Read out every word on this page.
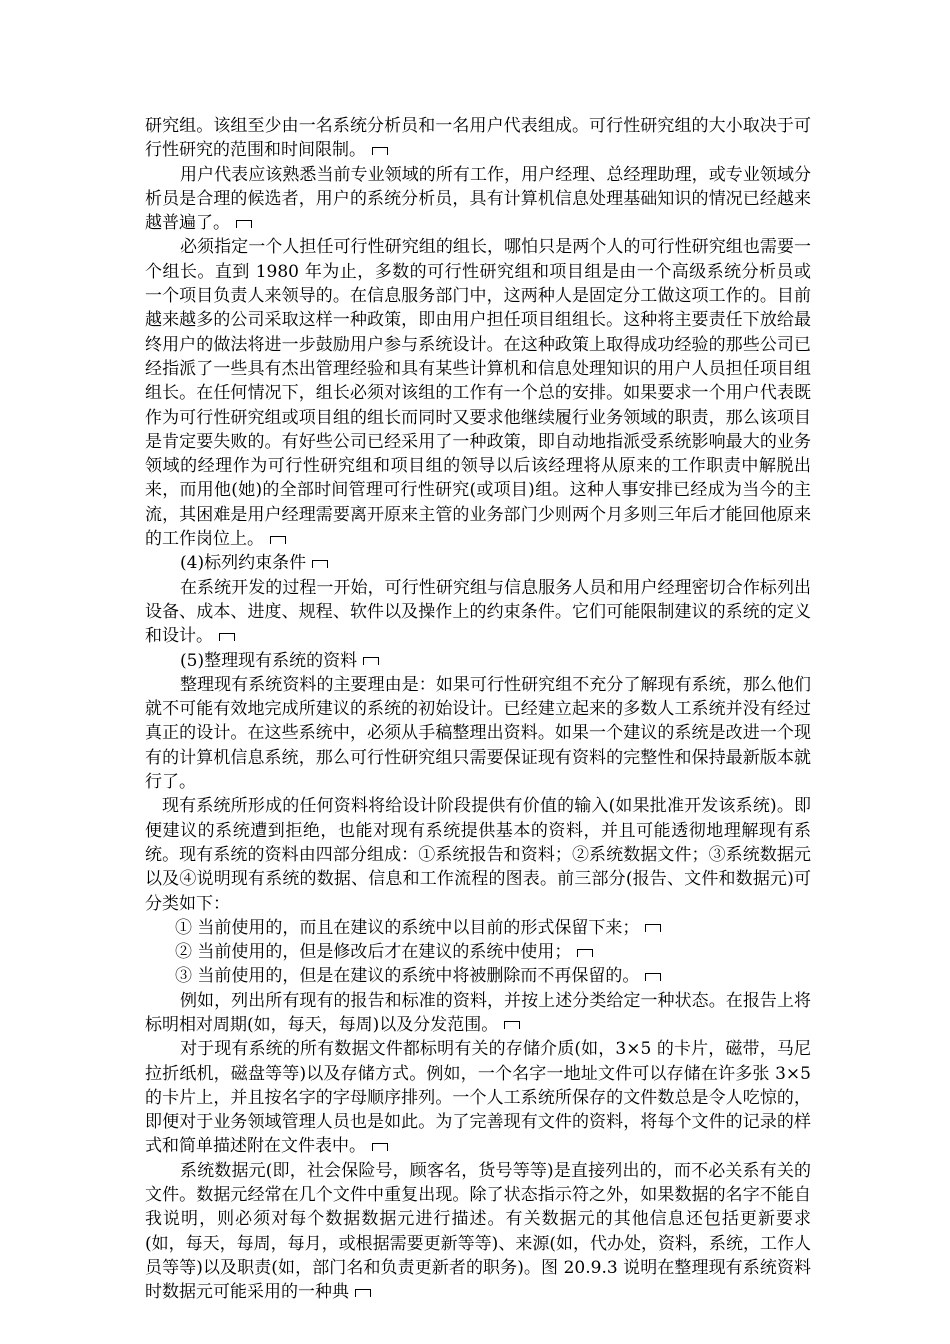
研究组。该组至少由一名系统分析员和一名用户代表组成。可行性研究组的大小取决于可行性研究的范围和时间限制。

用户代表应该熟悉当前专业领域的所有工作，用户经理、总经理助理，或专业领域分析员是合理的候选者，用户的系统分析员，具有计算机信息处理基础知识的情况已经越来越普遍了。

必须指定一个人担任可行性研究组的组长，哪怕只是两个人的可行性研究组也需要一个组长。直到 1980 年为止，多数的可行性研究组和项目组是由一个高级系统分析员或一个项目负责人来领导的。在信息服务部门中，这两种人是固定分工做这项工作的。目前越来越多的公司采取这样一种政策，即由用户担任项目组组长。这种将主要责任下放给最终用户的做法将进一步鼓励用户参与系统设计。在这种政策上取得成功经验的那些公司已经指派了一些具有杰出管理经验和具有某些计算机和信息处理知识的用户人员担任项目组组长。在任何情况下，组长必须对该组的工作有一个总的安排。如果要求一个用户代表既作为可行性研究组或项目组的组长而同时又要求他继续履行业务领域的职责，那么该项目是肯定要失败的。有好些公司已经采用了一种政策，即自动地指派受系统影响最大的业务领域的经理作为可行性研究组和项目组的领导以后该经理将从原来的工作职责中解脱出来，而用他(她)的全部时间管理可行性研究(或项目)组。这种人事安排已经成为当今的主流，其困难是用户经理需要离开原来主管的业务部门少则两个月多则三年后才能回他原来的工作岗位上。

(4)标列约束条件

在系统开发的过程一开始，可行性研究组与信息服务人员和用户经理密切合作标列出设备、成本、进度、规程、软件以及操作上的约束条件。它们可能限制建议的系统的定义和设计。

(5)整理现有系统的资料

整理现有系统资料的主要理由是：如果可行性研究组不充分了解现有系统，那么他们就不可能有效地完成所建议的系统的初始设计。已经建立起来的多数人工系统并没有经过真正的设计。在这些系统中，必须从手稿整理出资料。如果一个建议的系统是改进一个现有的计算机信息系统，那么可行性研究组只需要保证现有资料的完整性和保持最新版本就行了。

现有系统所形成的任何资料将给设计阶段提供有价值的输入(如果批准开发该系统)。即便建议的系统遭到拒绝，也能对现有系统提供基本的资料，并且可能透彻地理解现有系统。现有系统的资料由四部分组成：①系统报告和资料；②系统数据文件；③系统数据元以及④说明现有系统的数据、信息和工作流程的图表。前三部分(报告、文件和数据元)可分类如下：

① 当前使用的，而且在建议的系统中以目前的形式保留下来；

② 当前使用的，但是修改后才在建议的系统中使用；

③ 当前使用的，但是在建议的系统中将被删除而不再保留的。

例如，列出所有现有的报告和标准的资料，并按上述分类给定一种状态。在报告上将标明相对周期(如，每天，每周)以及分发范围。

对于现有系统的所有数据文件都标明有关的存储介质(如，3×5 的卡片，磁带，马尼拉折纸机，磁盘等等)以及存储方式。例如，一个名字一地址文件可以存储在许多张 3×5 的卡片上，并且按名字的字母顺序排列。一个人工系统所保存的文件数总是令人吃惊的，即便对于业务领域管理人员也是如此。为了完善现有文件的资料，将每个文件的记录的样式和简单描述附在文件表中。

系统数据元(即，社会保险号，顾客名，货号等等)是直接列出的，而不必关系有关的文件。数据元经常在几个文件中重复出现。除了状态指示符之外，如果数据的名字不能自我说明，则必须对每个数据数据元进行描述。有关数据元的其他信息还包括更新要求(如，每天，每周，每月，或根据需要更新等等)、来源(如，代办处，资料，系统，工作人员等等)以及职责(如，部门名和负责更新者的职务)。图 20.9.3 说明在整理现有系统资料时数据元可能采用的一种典
